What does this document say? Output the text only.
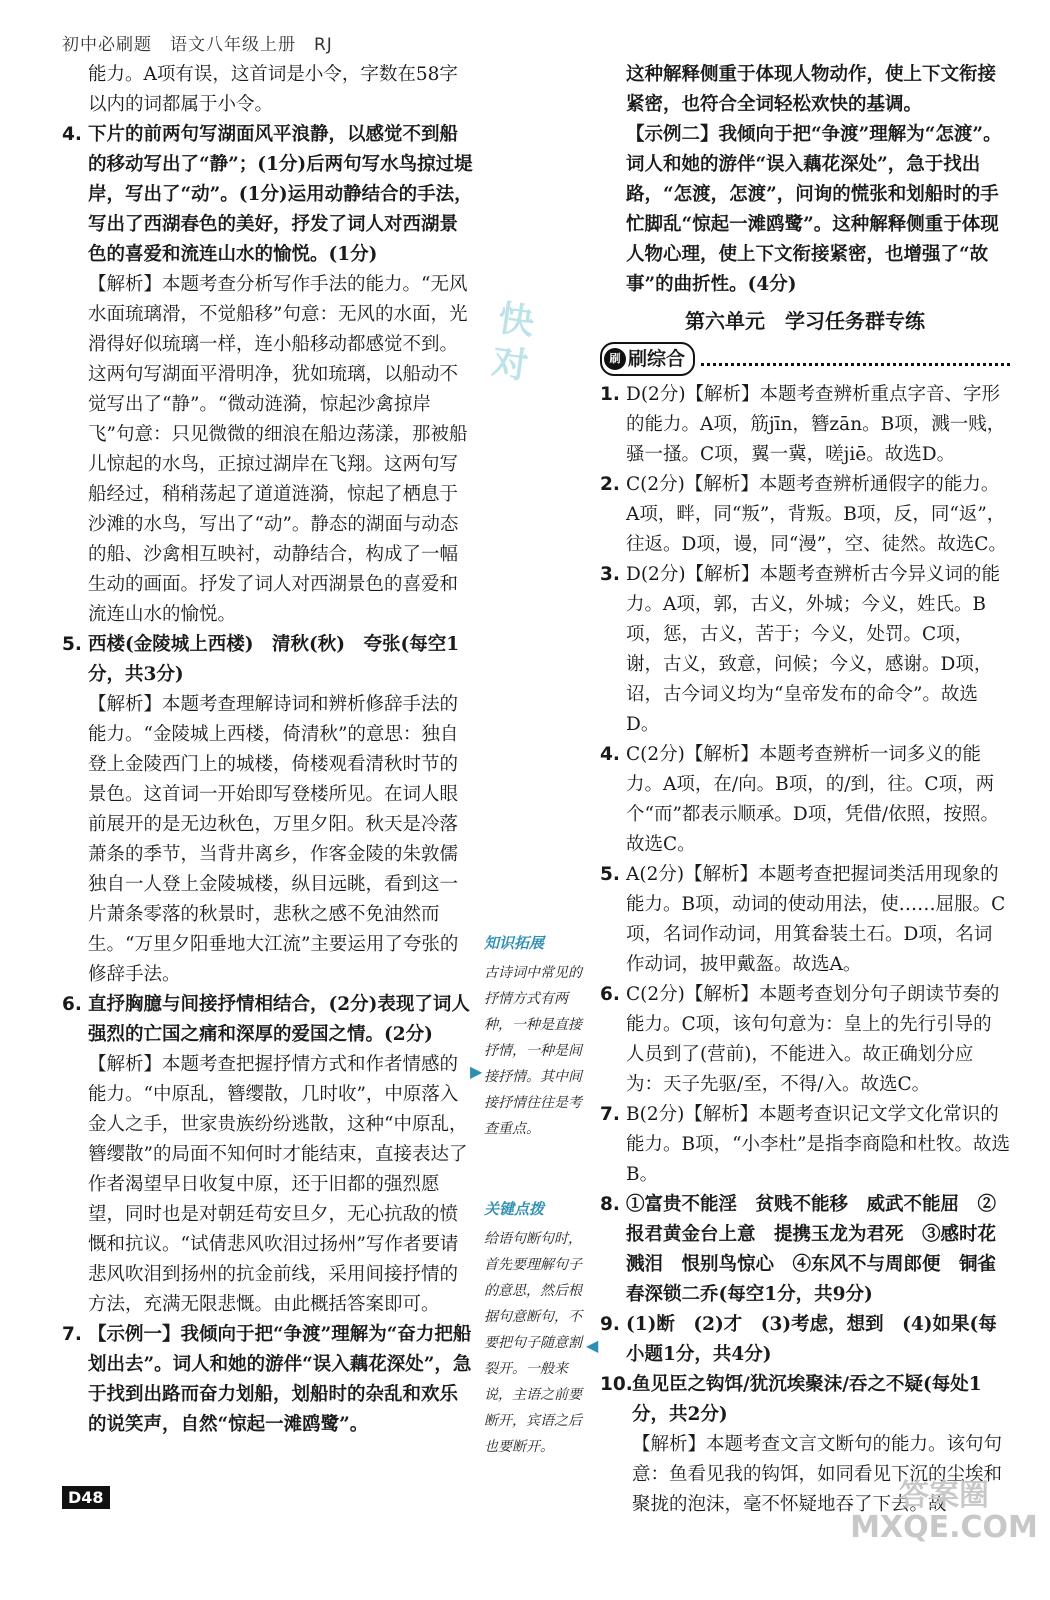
初中必刷题　语文八年级上册　RJ
快对

能力。A项有误，这首词是小令，字数在58字以内的词都属于小令。

4. 下片的前两句写湖面风平浪静，以感觉不到船的移动写出了“静”；(1分)后两句写水鸟掠过堤岸，写出了“动”。(1分)运用动静结合的手法，写出了西湖春色的美好，抒发了词人对西湖景色的喜爱和流连山水的愉悦。(1分)

【解析】本题考查分析写作手法的能力。“无风水面琉璃滑，不觉船移”句意：无风的水面，光滑得好似琉璃一样，连小船移动都感觉不到。这两句写湖面平滑明净，犹如琉璃，以船动不觉写出了“静”。“微动涟漪，惊起沙禽掠岸飞”句意：只见微微的细浪在船边荡漾，那被船儿惊起的水鸟，正掠过湖岸在飞翔。这两句写船经过，稍稍荡起了道道涟漪，惊起了栖息于沙滩的水鸟，写出了“动”。静态的湖面与动态的船、沙禽相互映衬，动静结合，构成了一幅生动的画面。抒发了词人对西湖景色的喜爱和流连山水的愉悦。

5. 西楼(金陵城上西楼)　清秋(秋)　夸张(每空1分，共3分)

【解析】本题考查理解诗词和辨析修辞手法的能力。“金陵城上西楼，倚清秋”的意思：独自登上金陵西门上的城楼，倚楼观看清秋时节的景色。这首词一开始即写登楼所见。在词人眼前展开的是无边秋色，万里夕阳。秋天是冷落萧条的季节，当背井离乡，作客金陵的朱敦儒独自一人登上金陵城楼，纵目远眺，看到这一片萧条零落的秋景时，悲秋之感不免油然而生。“万里夕阳垂地大江流”主要运用了夸张的修辞手法。

6. 直抒胸臆与间接抒情相结合，(2分)表现了词人强烈的亡国之痛和深厚的爱国之情。(2分)

【解析】本题考查把握抒情方式和作者情感的能力。“中原乱，簪缨散，几时收”，中原落入金人之手，世家贵族纷纷逃散，这种“中原乱，簪缨散”的局面不知何时才能结束，直接表达了作者渴望早日收复中原，还于旧都的强烈愿望，同时也是对朝廷苟安旦夕，无心抗敌的愤慨和抗议。“试倩悲风吹泪过扬州”写作者要请悲风吹泪到扬州的抗金前线，采用间接抒情的方法，充满无限悲慨。由此概括答案即可。

7. 【示例一】我倾向于把“争渡”理解为“奋力把船划出去”。词人和她的游伴“误入藕花深处”，急于找到出路而奋力划船，划船时的杂乱和欢乐的说笑声，自然“惊起一滩鸥鹭”。

知识拓展
古诗词中常见的抒情方式有两种，一种是直接抒情，一种是间接抒情。其中间接抒情往往是考查重点。
▶
关键点拨
给语句断句时，首先要理解句子的意思，然后根据句意断句，不要把句子随意割裂开。一般来说，主语之前要断开，宾语之后也要断开。
◀

这种解释侧重于体现人物动作，使上下文衔接紧密，也符合全词轻松欢快的基调。

【示例二】我倾向于把“争渡”理解为“怎渡”。词人和她的游伴“误入藕花深处”，急于找出路，“怎渡，怎渡”，问询的慌张和划船时的手忙脚乱“惊起一滩鸥鹭”。这种解释侧重于体现人物心理，使上下文衔接紧密，也增强了“故事”的曲折性。(4分)

第六单元　学习任务群专练
刷 刷综合
1. D(2分)【解析】本题考查辨析重点字音、字形的能力。A项，筋jīn，簪zān。B项，溅一贱，骚一搔。C项，翼一冀，嗟jiē。故选D。

2. C(2分)【解析】本题考查辨析通假字的能力。A项，畔，同“叛”，背叛。B项，反，同“返”，往返。D项，谩，同“漫”，空、徒然。故选C。

3. D(2分)【解析】本题考查辨析古今异义词的能力。A项，郭，古义，外城；今义，姓氏。B项，惩，古义，苦于；今义，处罚。C项，谢，古义，致意，问候；今义，感谢。D项，诏，古今词义均为“皇帝发布的命令”。故选D。

4. C(2分)【解析】本题考查辨析一词多义的能力。A项，在/向。B项，的/到，往。C项，两个“而”都表示顺承。D项，凭借/依照，按照。故选C。

5. A(2分)【解析】本题考查把握词类活用现象的能力。B项，动词的使动用法，使……屈服。C项，名词作动词，用箕畚装土石。D项，名词作动词，披甲戴盔。故选A。

6. C(2分)【解析】本题考查划分句子朗读节奏的能力。C项，该句句意为：皇上的先行引导的人员到了(营前)，不能进入。故正确划分应为：天子先驱/至，不得/入。故选C。

7. B(2分)【解析】本题考查识记文学文化常识的能力。B项，“小李杜”是指李商隐和杜牧。故选B。

8. ①富贵不能淫　贫贱不能移　威武不能屈　②报君黄金台上意　提携玉龙为君死　③感时花溅泪　恨别鸟惊心　④东风不与周郎便　铜雀春深锁二乔(每空1分，共9分)

9. (1)断　(2)才　(3)考虑，想到　(4)如果(每小题1分，共4分)

10. 鱼见臣之钩饵/犹沉埃聚沫/吞之不疑(每处1分，共2分)

【解析】本题考查文言文断句的能力。该句句意：鱼看见我的钩饵，如同看见下沉的尘埃和聚拢的泡沫，毫不怀疑地吞了下去。故

D48	答案圈 MXQE.COM
